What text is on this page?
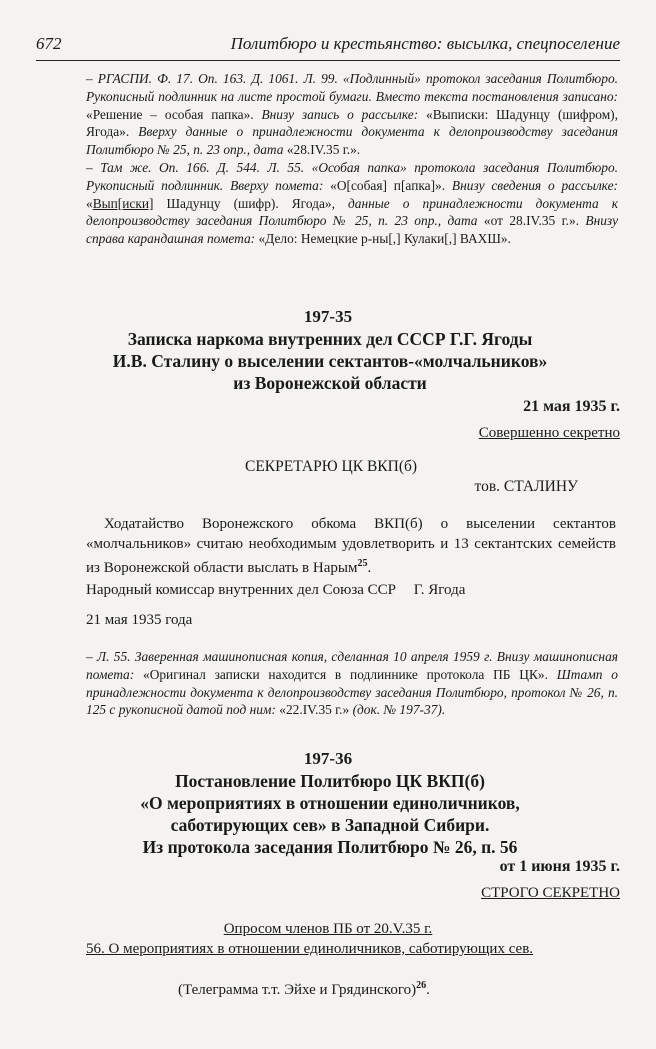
672	Политбюро и крестьянство: высылка, спецпоселение

– РГАСПИ. Ф. 17. Оп. 163. Д. 1061. Л. 99. «Подлинный» протокол заседания Политбюро. Рукописный подлинник на листе простой бумаги. Вместо текста постановления записано: «Решение – особая папка». Внизу запись о рассылке: «Выписки: Шадунцу (шифром), Ягода». Вверху данные о принадлежности документа к делопроизводству заседания Политбюро № 25, п. 23 опр., дата «28.IV.35 г.».

– Там же. Оп. 166. Д. 544. Л. 55. «Особая папка» протокола заседания Политбюро. Рукописный подлинник. Вверху помета: «О[собая] п[апка]». Внизу сведения о рассылке: «Вып[иски] Шадунцу (шифр). Ягода», данные о принадлежности документа к делопроизводству заседания Политбюро № 25, п. 23 опр., дата «от 28.IV.35 г.». Внизу справа карандашная помета: «Дело: Немецкие р-ны[,] Кулаки[,] ВАХШ».

197-35
Записка наркома внутренних дел СССР Г.Г. Ягоды
И.В. Сталину о выселении сектантов-«молчальников»
из Воронежской области
21 мая 1935 г.
Совершенно секретно
СЕКРЕТАРЮ ЦК ВКП(б)
тов. СТАЛИНУ
Ходатайство Воронежского обкома ВКП(б) о выселении сектантов «молчальников» считаю необходимым удовлетворить и 13 сектантских семейств из Воронежской области выслать в Нарым$^{25}$.
Народный комиссар внутренних дел Союза ССР Г. Ягода
21 мая 1935 года

– Л. 55. Заверенная машинописная копия, сделанная 10 апреля 1959 г. Внизу машинописная помета: «Оригинал записки находится в подлиннике протокола ПБ ЦК». Штамп о принадлежности документа к делопроизводству заседания Политбюро, протокол № 26, п. 125 с рукописной датой под ним: «22.IV.35 г.» (док. № 197-37).

197-36
Постановление Политбюро ЦК ВКП(б)
«О мероприятиях в отношении единоличников,
саботирующих сев» в Западной Сибири.
Из протокола заседания Политбюро № 26, п. 56
от 1 июня 1935 г.
СТРОГО СЕКРЕТНО
Опросом членов ПБ от 20.V.35 г.
56. О мероприятиях в отношении единоличников, саботирующих сев.
(Телеграмма т.т. Эйхе и Грядинского)$^{26}$.
